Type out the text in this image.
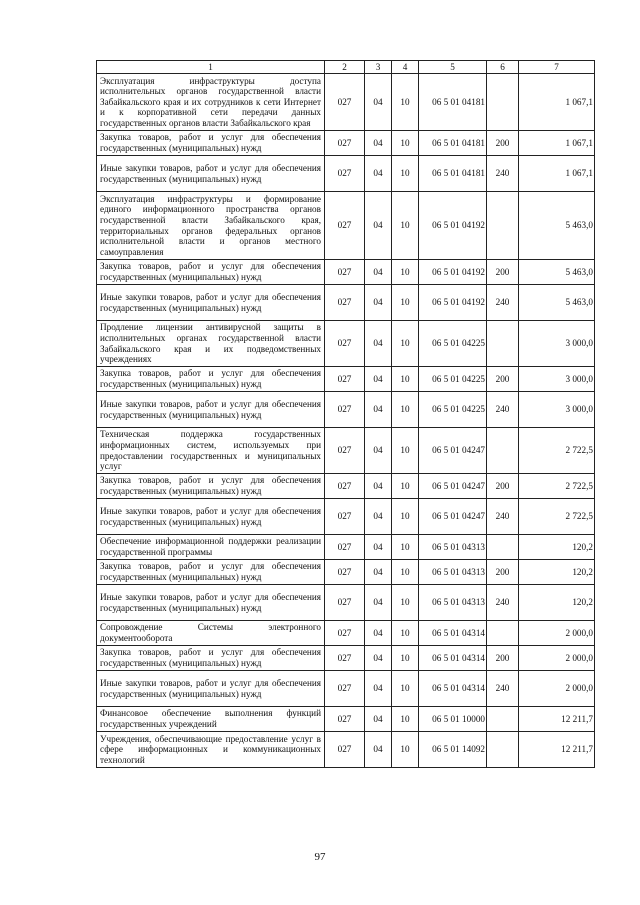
1	2	3	4	5	6	7
Эксплуатация инфраструктуры доступа исполнительных органов государственной власти Забайкальского края и их сотрудников к сети Интернет и к корпоративной сети передачи данных государственных органов власти Забайкальского края	027	04	10	06 5 01 04181		1 067,1
Закупка товаров, работ и услуг для обеспечения государственных (муниципальных) нужд	027	04	10	06 5 01 04181	200	1 067,1
Иные закупки товаров, работ и услуг для обеспечения государственных (муниципальных) нужд	027	04	10	06 5 01 04181	240	1 067,1
Эксплуатация инфраструктуры и формирование единого информационного пространства органов государственной власти Забайкальского края, территориальных органов федеральных органов исполнительной власти и органов местного самоуправления	027	04	10	06 5 01 04192		5 463,0
Закупка товаров, работ и услуг для обеспечения государственных (муниципальных) нужд	027	04	10	06 5 01 04192	200	5 463,0
Иные закупки товаров, работ и услуг для обеспечения государственных (муниципальных) нужд	027	04	10	06 5 01 04192	240	5 463,0
Продление лицензии антивирусной защиты в исполнительных органах государственной власти Забайкальского края и их подведомственных учреждениях	027	04	10	06 5 01 04225		3 000,0
Закупка товаров, работ и услуг для обеспечения государственных (муниципальных) нужд	027	04	10	06 5 01 04225	200	3 000,0
Иные закупки товаров, работ и услуг для обеспечения государственных (муниципальных) нужд	027	04	10	06 5 01 04225	240	3 000,0
Техническая поддержка государственных информационных систем, используемых при предоставлении государственных и муниципальных услуг	027	04	10	06 5 01 04247		2 722,5
Закупка товаров, работ и услуг для обеспечения государственных (муниципальных) нужд	027	04	10	06 5 01 04247	200	2 722,5
Иные закупки товаров, работ и услуг для обеспечения государственных (муниципальных) нужд	027	04	10	06 5 01 04247	240	2 722,5
Обеспечение информационной поддержки реализации государственной программы	027	04	10	06 5 01 04313		120,2
Закупка товаров, работ и услуг для обеспечения государственных (муниципальных) нужд	027	04	10	06 5 01 04313	200	120,2
Иные закупки товаров, работ и услуг для обеспечения государственных (муниципальных) нужд	027	04	10	06 5 01 04313	240	120,2
Сопровождение Системы электронного документооборота	027	04	10	06 5 01 04314		2 000,0
Закупка товаров, работ и услуг для обеспечения государственных (муниципальных) нужд	027	04	10	06 5 01 04314	200	2 000,0
Иные закупки товаров, работ и услуг для обеспечения государственных (муниципальных) нужд	027	04	10	06 5 01 04314	240	2 000,0
Финансовое обеспечение выполнения функций государственных учреждений	027	04	10	06 5 01 10000		12 211,7
Учреждения, обеспечивающие предоставление услуг в сфере информационных и коммуникационных технологий	027	04	10	06 5 01 14092		12 211,7
97
